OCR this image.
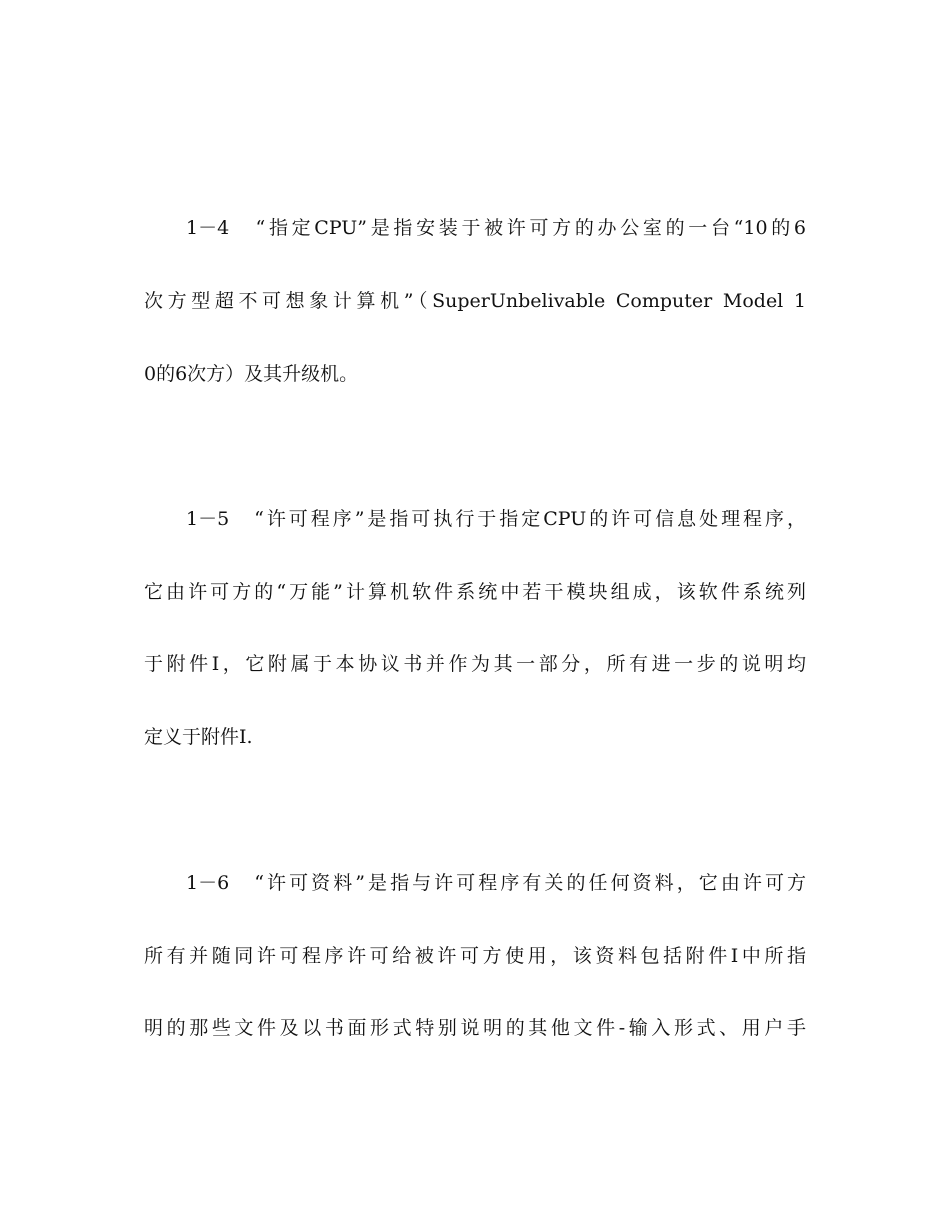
1－4　“指定CPU”是指安装于被许可方的办公室的一台“10的6

次方型超不可想象计算机”（SuperUnbelivable Computer Model 1

0的6次方）及其升级机。

1－5　“许可程序”是指可执行于指定CPU的许可信息处理程序，

它由许可方的“万能”计算机软件系统中若干模块组成，该软件系统列

于附件I，它附属于本协议书并作为其一部分，所有进一步的说明均

定义于附件I.

1－6　“许可资料”是指与许可程序有关的任何资料，它由许可方

所有并随同许可程序许可给被许可方使用，该资料包括附件I中所指

明的那些文件及以书面形式特别说明的其他文件-输入形式、用户手
